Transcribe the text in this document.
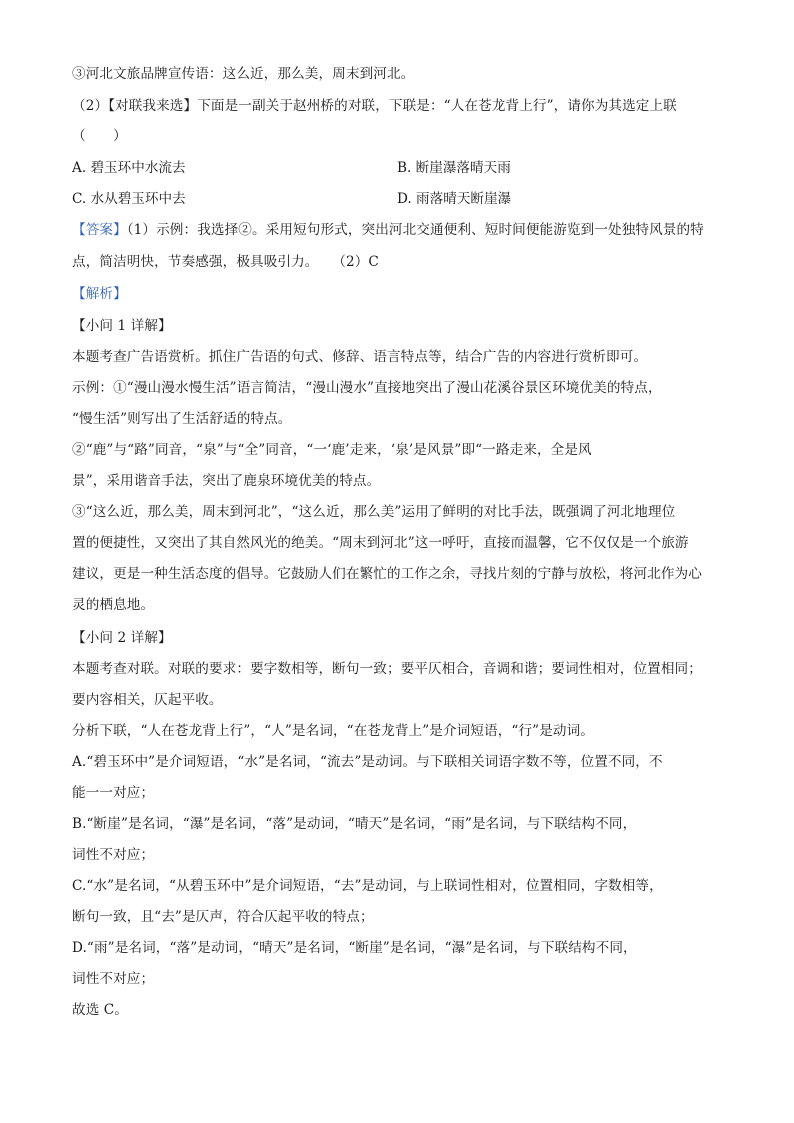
③河北文旅品牌宣传语：这么近，那么美，周末到河北。
（2）【对联我来选】下面是一副关于赵州桥的对联，下联是：“人在苍龙背上行”，请你为其选定上联
（　　）
A. 碧玉环中水流去	B. 断崖瀑落晴天雨
C. 水从碧玉环中去	D. 雨落晴天断崖瀑
【答案】（1）示例：我选择②。采用短句形式，突出河北交通便利、短时间便能游览到一处独特风景的特
点，简洁明快，节奏感强，极具吸引力。　　（2）C
【解析】
【小问 1 详解】
本题考查广告语赏析。抓住广告语的句式、修辞、语言特点等，结合广告的内容进行赏析即可。
示例：①“漫山漫水慢生活”语言简洁，“漫山漫水”直接地突出了漫山花溪谷景区环境优美的特点，
“慢生活”则写出了生活舒适的特点。
②“鹿”与“路”同音，“泉”与“全”同音，“一‘鹿’走来，‘泉’是风景”即“一路走来，全是风
景”，采用谐音手法，突出了鹿泉环境优美的特点。
③“这么近，那么美，周末到河北”，“这么近，那么美”运用了鲜明的对比手法，既强调了河北地理位
置的便捷性，又突出了其自然风光的绝美。“周末到河北”这一呼吁，直接而温馨，它不仅仅是一个旅游
建议，更是一种生活态度的倡导。它鼓励人们在繁忙的工作之余，寻找片刻的宁静与放松，将河北作为心
灵的栖息地。
【小问 2 详解】
本题考查对联。对联的要求：要字数相等，断句一致；要平仄相合，音调和谐；要词性相对，位置相同；
要内容相关，仄起平收。
分析下联，“人在苍龙背上行”，“人”是名词，“在苍龙背上”是介词短语，“行”是动词。
A.“碧玉环中”是介词短语，“水”是名词，“流去”是动词。与下联相关词语字数不等，位置不同，不
能一一对应；
B.“断崖”是名词，“瀑”是名词，“落”是动词，“晴天”是名词，“雨”是名词，与下联结构不同，
词性不对应；
C.“水”是名词，“从碧玉环中”是介词短语，“去”是动词，与上联词性相对，位置相同，字数相等，
断句一致，且“去”是仄声，符合仄起平收的特点；
D.“雨”是名词，“落”是动词，“晴天”是名词，“断崖”是名词，“瀑”是名词，与下联结构不同，
词性不对应；
故选 C。
